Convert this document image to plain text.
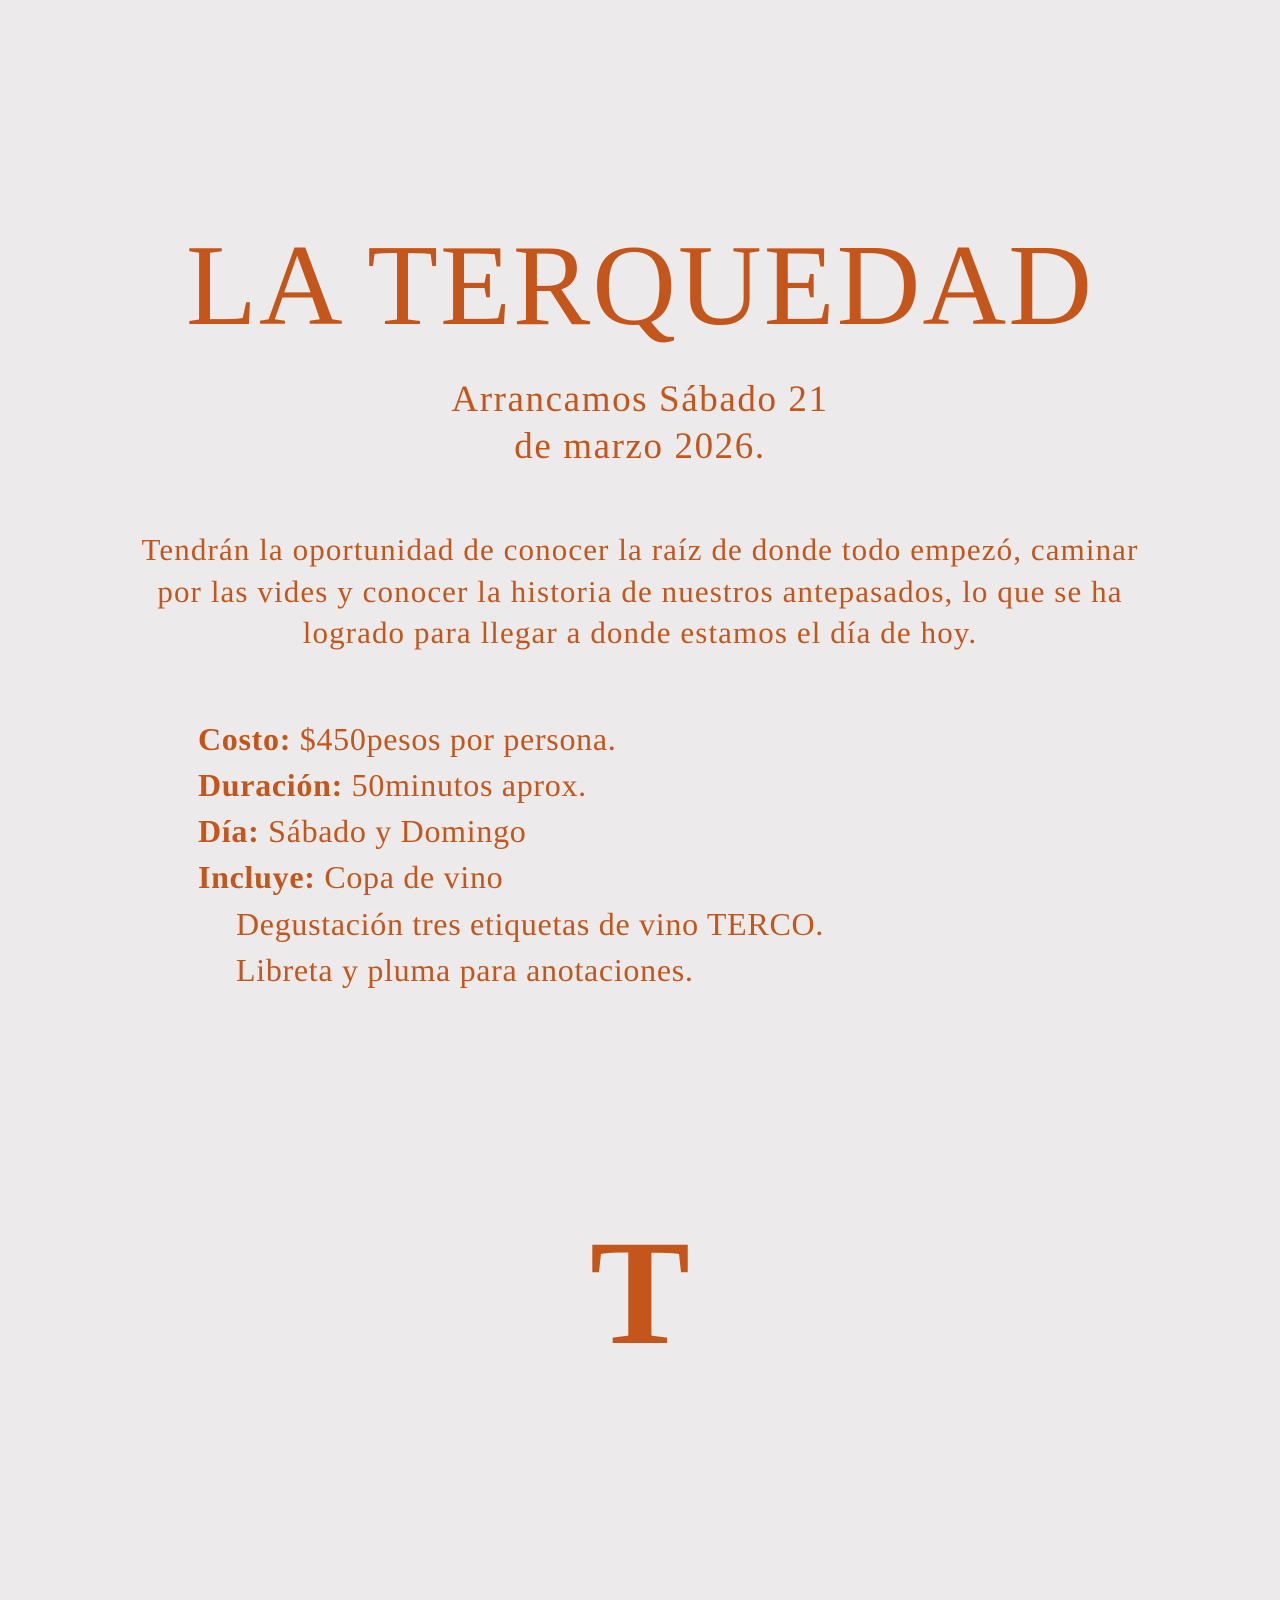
LA TERQUEDAD
Arrancamos Sábado 21
de marzo 2026.
Tendrán la oportunidad de conocer la raíz de donde todo empezó, caminar por las vides y conocer la historia de nuestros antepasados, lo que se ha logrado para llegar a donde estamos el día de hoy.
Costo: $450pesos por persona.
Duración: 50minutos aprox.
Día: Sábado y Domingo
Incluye: Copa de vino
Degustación tres etiquetas de vino TERCO.
Libreta y pluma para anotaciones.
T
